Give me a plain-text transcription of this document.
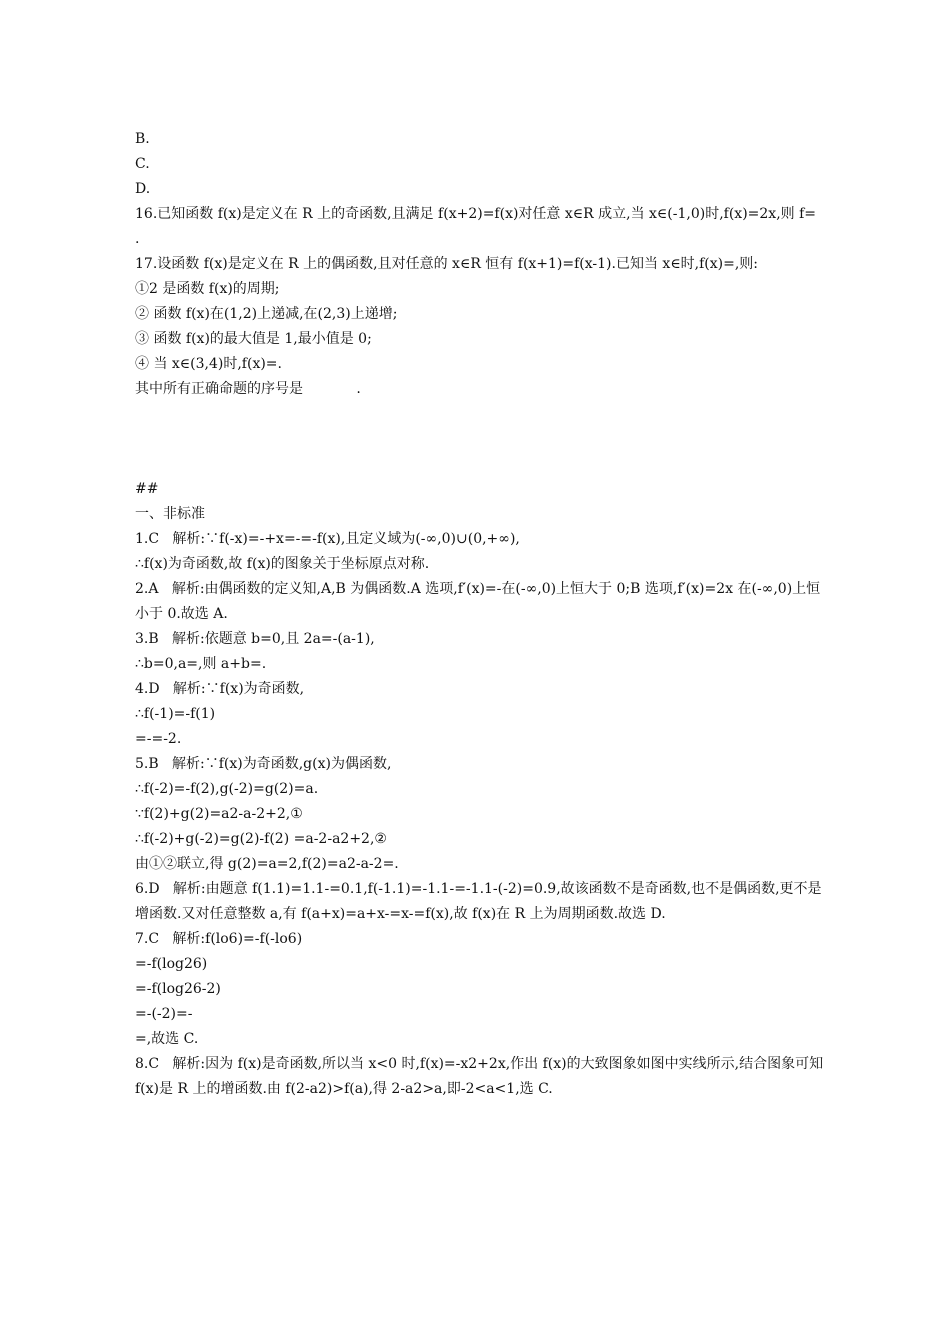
B.

C.

D.

16.已知函数 f(x)是定义在 R 上的奇函数,且满足 f(x+2)=f(x)对任意 x∈R 成立,当 x∈(-1,0)时,f(x)=2x,则 f=           .

17.设函数 f(x)是定义在 R 上的偶函数,且对任意的 x∈R 恒有 f(x+1)=f(x-1).已知当 x∈时,f(x)=,则:

①2 是函数 f(x)的周期;

② 函数 f(x)在(1,2)上递减,在(2,3)上递增;

③ 函数 f(x)的最大值是 1,最小值是 0;

④ 当 x∈(3,4)时,f(x)=.

其中所有正确命题的序号是            .

##

一、非标准

1.C   解析:∵f(-x)=-+x=-=-f(x),且定义域为(-∞,0)∪(0,+∞),

∴f(x)为奇函数,故 f(x)的图象关于坐标原点对称.

2.A   解析:由偶函数的定义知,A,B 为偶函数.A 选项,f′(x)=-在(-∞,0)上恒大于 0;B 选项,f′(x)=2x 在(-∞,0)上恒小于 0.故选 A.

3.B   解析:依题意 b=0,且 2a=-(a-1),

∴b=0,a=,则 a+b=.

4.D   解析:∵f(x)为奇函数,

∴f(-1)=-f(1)

=-=-2.

5.B   解析:∵f(x)为奇函数,g(x)为偶函数,

∴f(-2)=-f(2),g(-2)=g(2)=a.

∵f(2)+g(2)=a2-a-2+2,①

∴f(-2)+g(-2)=g(2)-f(2) =a-2-a2+2,②

由①②联立,得 g(2)=a=2,f(2)=a2-a-2=.

6.D   解析:由题意 f(1.1)=1.1-=0.1,f(-1.1)=-1.1-=-1.1-(-2)=0.9,故该函数不是奇函数,也不是偶函数,更不是增函数.又对任意整数 a,有 f(a+x)=a+x-=x-=f(x),故 f(x)在 R 上为周期函数.故选 D.

7.C   解析:f(lo6)=-f(-lo6)

=-f(log26)

=-f(log26-2)

=-(-2)=-

=,故选 C.

8.C   解析:因为 f(x)是奇函数,所以当 x<0 时,f(x)=-x2+2x,作出 f(x)的大致图象如图中实线所示,结合图象可知 f(x)是 R 上的增函数.由 f(2-a2)>f(a),得 2-a2>a,即-2<a<1,选 C.
